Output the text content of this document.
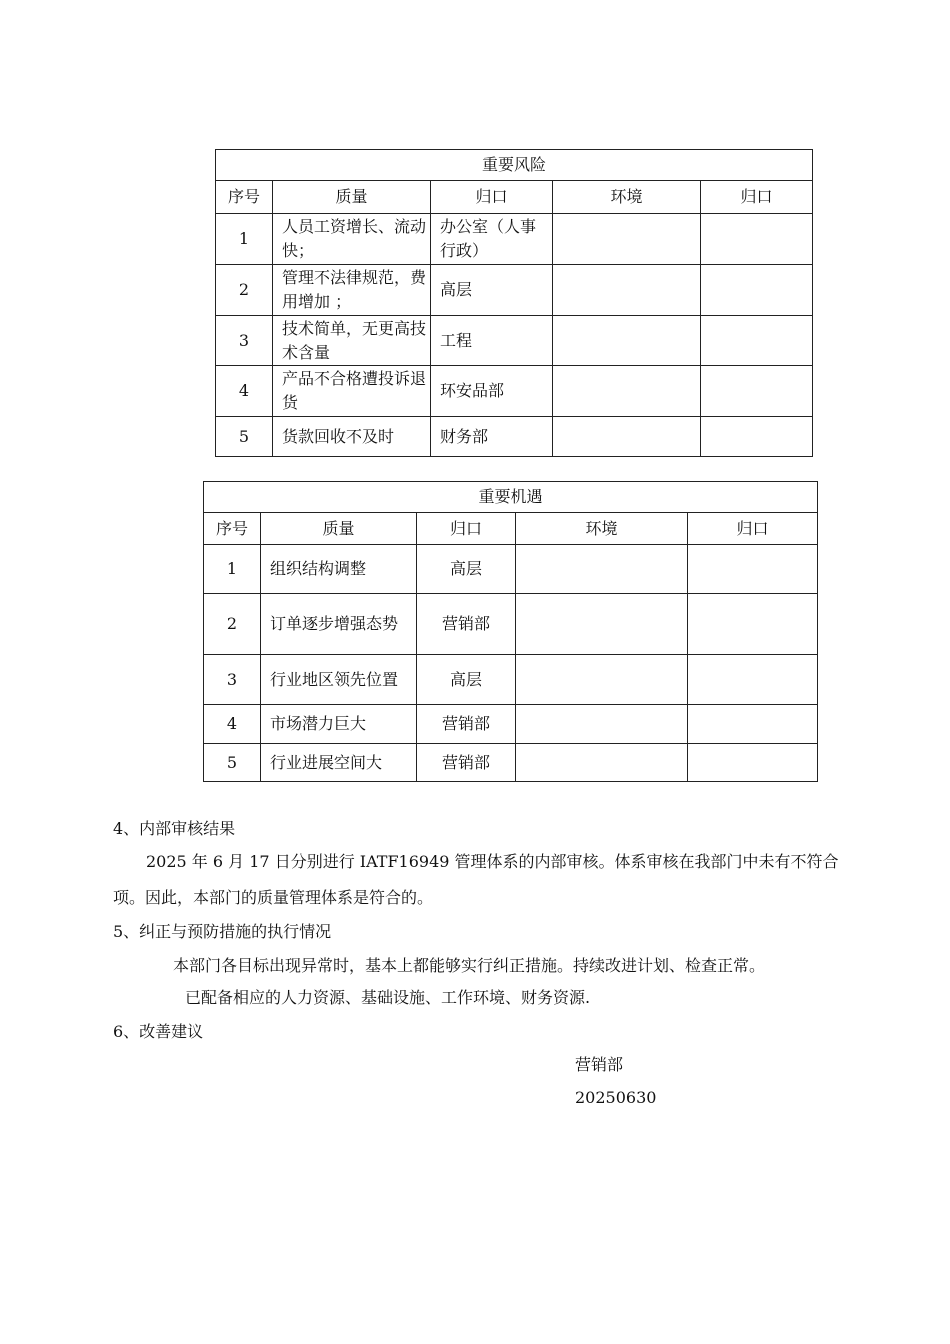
重要风险				
序号	质量	归口	环境	归口
1	人员工资增长、流动快；	办公室（人事行政）		
2	管理不法律规范，费用增加 ；	高层		
3	技术简单，无更高技术含量	工程		
4	产品不合格遭投诉退货	环安品部		
5	货款回收不及时	财务部		
重要机遇				
序号	质量	归口	环境	归口
1	组织结构调整	高层		
2	订单逐步增强态势	营销部		
3	行业地区领先位置	高层		
4	市场潜力巨大	营销部		
5	行业进展空间大	营销部		
4、内部审核结果
2025 年 6 月 17 日分别进行 IATF16949 管理体系的内部审核。体系审核在我部门中未有不符合
项。因此，本部门的质量管理体系是符合的。
5、纠正与预防措施的执行情况
本部门各目标出现异常时，基本上都能够实行纠正措施。持续改进计划、检查正常。
已配备相应的人力资源、基础设施、工作环境、财务资源.
6、改善建议
营销部
20250630
